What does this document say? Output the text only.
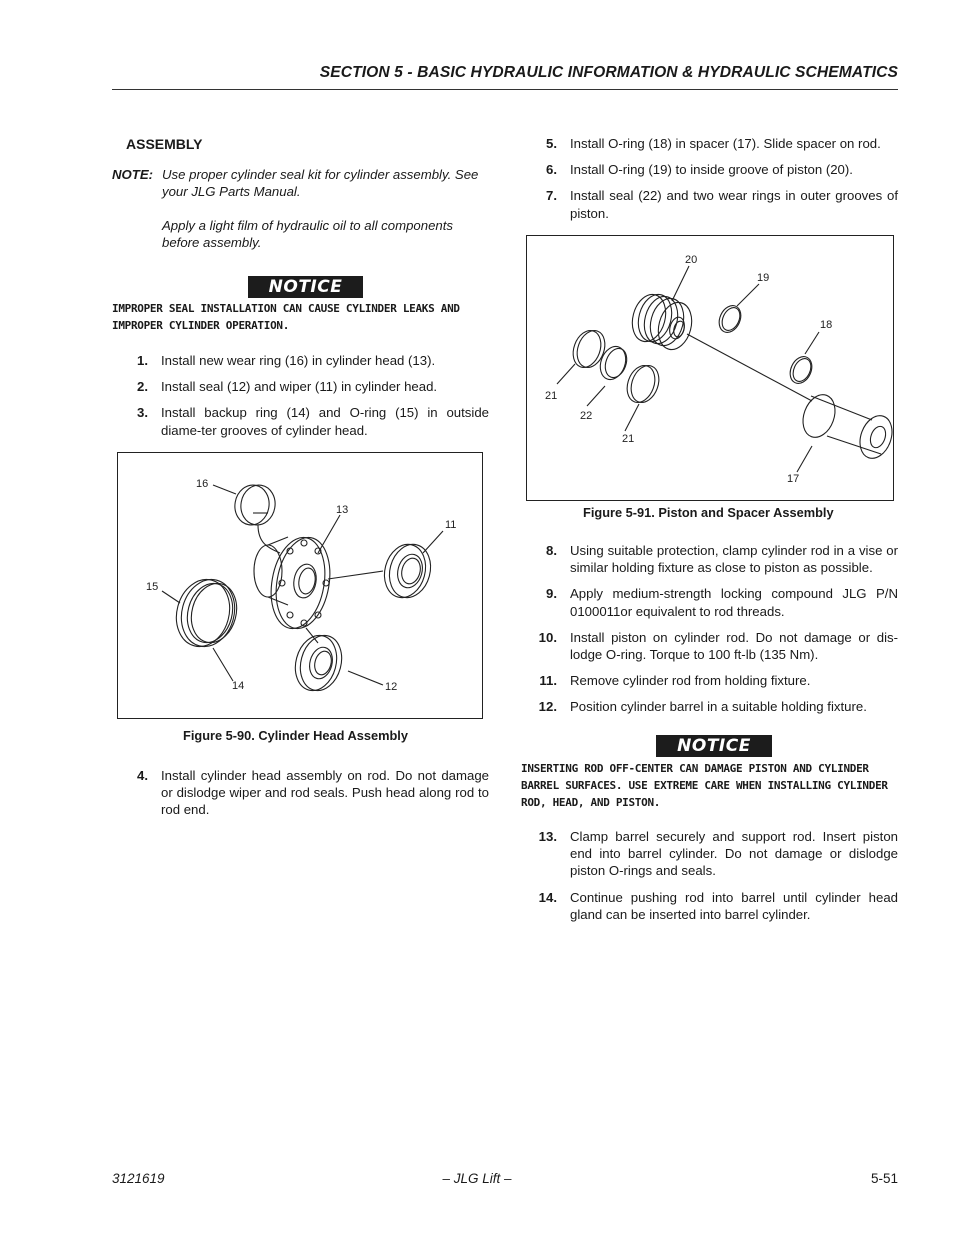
SECTION 5 - BASIC HYDRAULIC INFORMATION & HYDRAULIC SCHEMATICS
ASSEMBLY
NOTE: Use proper cylinder seal kit for cylinder assembly. See your JLG Parts Manual.
Apply a light film of hydraulic oil to all components before assembly.
NOTICE
IMPROPER SEAL INSTALLATION CAN CAUSE CYLINDER LEAKS AND IMPROPER CYLINDER OPERATION.
1. Install new wear ring (16) in cylinder head (13).
2. Install seal (12) and wiper (11) in cylinder head.
3. Install backup ring (14) and O-ring (15) in outside diame-ter grooves of cylinder head.
16
13
11
15
14	12
Figure 5-90. Cylinder Head Assembly
4. Install cylinder head assembly on rod. Do not damage or dislodge wiper and rod seals. Push head along rod to rod end.
5. Install O-ring (18) in spacer (17). Slide spacer on rod.
6. Install O-ring (19) to inside groove of piston (20).
7. Install seal (22) and two wear rings in outer grooves of piston.
20
19
18
21
22
21
17
Figure 5-91. Piston and Spacer Assembly
8. Using suitable protection, clamp cylinder rod in a vise or similar holding fixture as close to piston as possible.
9. Apply medium-strength locking compound JLG P/N 0100011or equivalent to rod threads.
10. Install piston on cylinder rod. Do not damage or dis-lodge O-ring. Torque to 100 ft-lb (135 Nm).
11. Remove cylinder rod from holding fixture.
12. Position cylinder barrel in a suitable holding fixture.
NOTICE
INSERTING ROD OFF-CENTER CAN DAMAGE PISTON AND CYLINDER BARREL SURFACES. USE EXTREME CARE WHEN INSTALLING CYLINDER ROD, HEAD, AND PISTON.
13. Clamp barrel securely and support rod. Insert piston end into barrel cylinder. Do not damage or dislodge piston O-rings and seals.
14. Continue pushing rod into barrel until cylinder head gland can be inserted into barrel cylinder.
3121619	– JLG Lift –	5-51
